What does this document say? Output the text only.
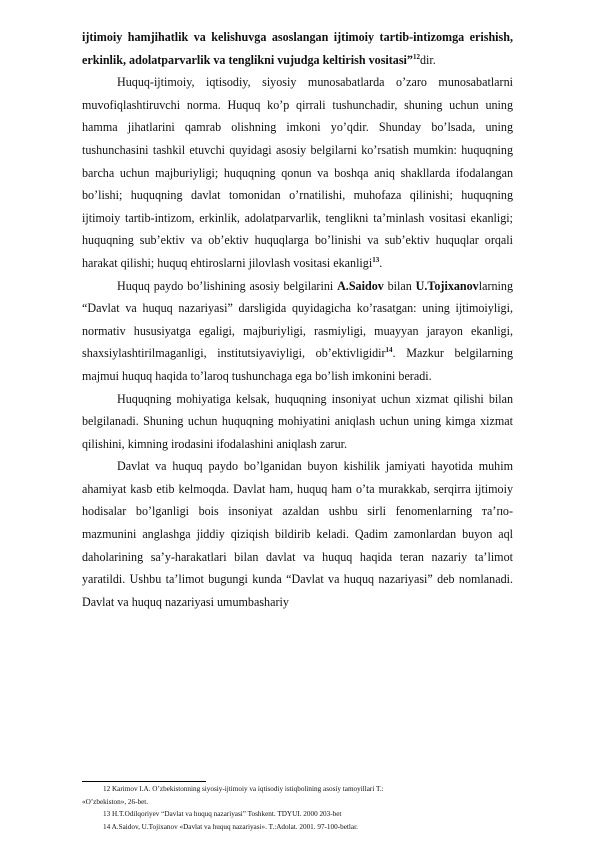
ijtimoiy hamjihatlik va kelishuvga asoslangan ijtimoiy tartib-intizomga erishish, erkinlik, adolatparvarlik va tenglikni vujudga keltirish vositasi”$^{12}$dir.

Huquq-ijtimoiy, iqtisodiy, siyosiy munosabatlarda o’zaro munosabatlarni muvofiqlashtiruvchi norma. Huquq ko’p qirrali tushunchadir, shuning uchun uning hamma jihatlarini qamrab olishning imkoni yo’qdir. Shunday bo’lsada, uning tushunchasini tashkil etuvchi quyidagi asosiy belgilarni ko’rsatish mumkin: huquqning barcha uchun majburiyligi; huquqning qonun va boshqa aniq shakllarda ifodalangan bo’lishi; huquqning davlat tomonidan o’rnatilishi, muhofaza qilinishi; huquqning ijtimoiy tartib-intizom, erkinlik, adolatparvarlik, tenglikni ta’minlash vositasi ekanligi; huquqning sub’ektiv va ob’ektiv huquqlarga bo’linishi va sub’ektiv huquqlar orqali harakat qilishi; huquq ehtiroslarni jilovlash vositasi ekanligi$^{13}$.

Huquq paydo bo’lishining asosiy belgilarini A.Saidov bilan U.Tojixanovlarning “Davlat va huquq nazariyasi” darsligida quyidagicha ko’rasatgan: uning ijtimoiyligi, normativ hususiyatga egaligi, majburiyligi, rasmiyligi, muayyan jarayon ekanligi, shaxsiylashtirilmaganligi, institutsiyaviyligi, ob’ektivligidir$^{14}$. Mazkur belgilarning majmui huquq haqida to’laroq tushunchaga ega bo’lish imkonini beradi.

Huquqning mohiyatiga kelsak, huquqning insoniyat uchun xizmat qilishi bilan belgilanadi. Shuning uchun huquqning mohiyatini aniqlash uchun uning kimga xizmat qilishini, kimning irodasini ifodalashini aniqlash zarur.

Davlat va huquq paydo bo’lganidan buyon kishilik jamiyati hayotida muhim ahamiyat kasb etib kelmoqda. Davlat ham, huquq ham o’ta murakkab, serqirra ijtimoiy hodisalar bo’lganligi bois insoniyat azaldan ushbu sirli fenomenlarning тa’пo-mazmunini anglashga jiddiy qiziqish bildirib keladi. Qadim zamonlardan buyon aql daholarining sa’y-harakatlari bilan davlat va huquq haqida teran nazariy ta’limot yaratildi. Ushbu ta’limot bugungi kunda “Davlat va huquq nazariyasi” deb nomlanadi. Davlat va huquq nazariyasi umumbashariy

12 Karimov I.A. O’zbekistonning siyosiy-ijtimoiy va iqtisodiy istiqbolining asosiy tamoyillari T.:
«O’zbekiston», 26-bet.
13 H.T.Odilqoriyev “Davlat va huquq nazariyasi” Toshkent. TDYUI. 2000 203-bet
14 A.Saidov, U.Tojixanov «Davlat va huquq nazariyasi». T.:Adolat. 2001. 97-100-betlar.
